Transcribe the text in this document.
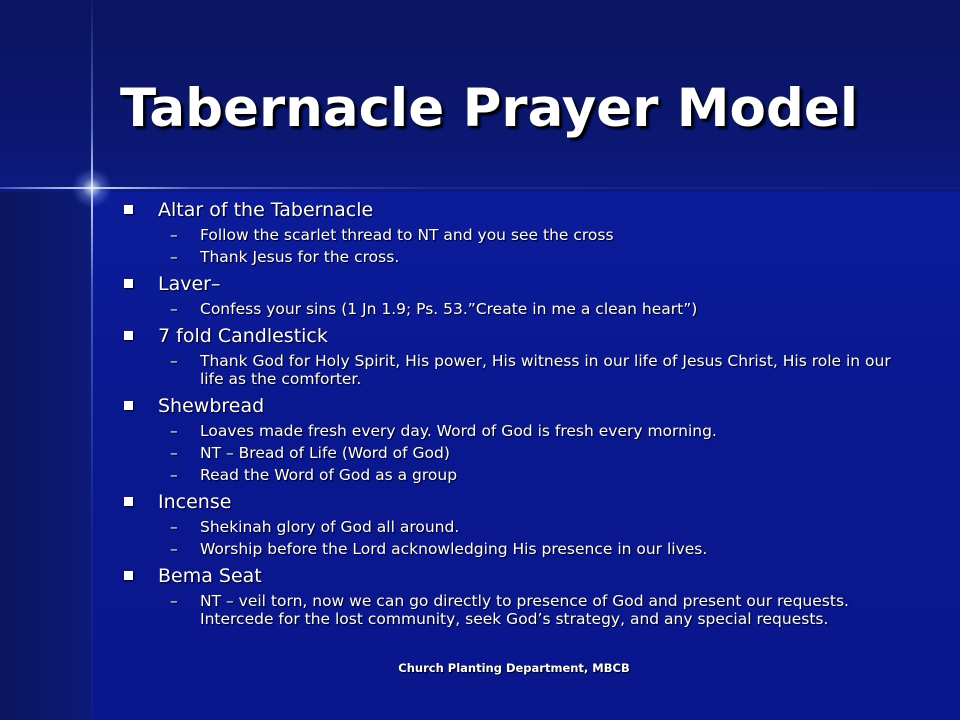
Tabernacle Prayer Model
Altar of the Tabernacle
– Follow the scarlet thread to NT and you see the cross
– Thank Jesus for the cross.
Laver–
– Confess your sins (1 Jn 1.9; Ps. 53.”Create in me a clean heart”)
7 fold Candlestick
– Thank God for Holy Spirit, His power, His witness in our life of Jesus Christ, His role in our life as the comforter.
Shewbread
– Loaves made fresh every day. Word of God is fresh every morning.
– NT – Bread of Life (Word of God)
– Read the Word of God as a group
Incense
– Shekinah glory of God all around.
– Worship before the Lord acknowledging His presence in our lives.
Bema Seat
– NT – veil torn, now we can go directly to presence of God and present our requests. Intercede for the lost community, seek God’s strategy, and any special requests.
Church Planting Department, MBCB
